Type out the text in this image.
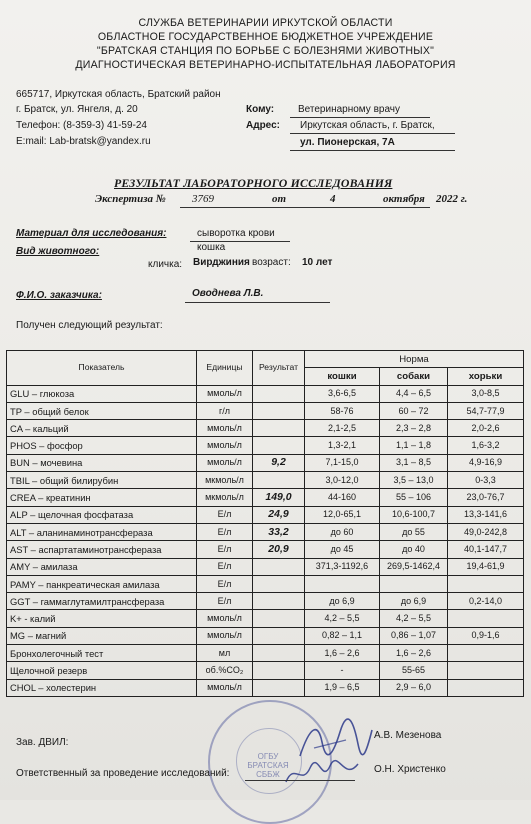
СЛУЖБА ВЕТЕРИНАРИИ ИРКУТСКОЙ ОБЛАСТИ
ОБЛАСТНОЕ ГОСУДАРСТВЕННОЕ БЮДЖЕТНОЕ УЧРЕЖДЕНИЕ
"БРАТСКАЯ СТАНЦИЯ ПО БОРЬБЕ С БОЛЕЗНЯМИ ЖИВОТНЫХ"
ДИАГНОСТИЧЕСКАЯ ВЕТЕРИНАРНО-ИСПЫТАТЕЛЬНАЯ ЛАБОРАТОРИЯ
665717, Иркутская область, Братский район
г. Братск, ул. Янгеля, д. 20
Телефон: (8-359-3) 41-59-24
E:mail: Lab-bratsk@yandex.ru
Кому: Ветеринарному врачу
Адрес: Иркутская область, г. Братск,
ул. Пионерская, 7А
РЕЗУЛЬТАТ ЛАБОРАТОРНОГО ИССЛЕДОВАНИЯ
Экспертиза № 3769	от	4	октября 2022 г.
Материал для исследования:	сыворотка крови
Вид животного:	кошка
кличка: Вирджиния возраст: 10 лет
Ф.И.О. заказчика:	Оводнева Л.В.
Получен следующий результат:
Показатель	Единицы	Результат	Норма		
			кошки	собаки	хорьки
GLU – глюкоза	ммоль/л		3,6-6,5	4,4 – 6,5	3,0-8,5
TP – общий белок	г/л		58-76	60 – 72	54,7-77,9
CA – кальций	ммоль/л		2,1-2,5	2,3 – 2,8	2,0-2,6
PHOS – фосфор	ммоль/л		1,3-2,1	1,1 – 1,8	1,6-3,2
BUN – мочевина	ммоль/л	9,2	7,1-15,0	3,1 – 8,5	4,9-16,9
TBIL – общий билирубин	мкмоль/л		3,0-12,0	3,5 – 13,0	0-3,3
CREA – креатинин	мкмоль/л	149,0	44-160	55 – 106	23,0-76,7
ALP – щелочная фосфатаза	Е/л	24,9	12,0-65,1	10,6-100,7	13,3-141,6
ALT – аланинаминотрансфераза	Е/л	33,2	до 60	до 55	49,0-242,8
AST – аспартатаминотрансфераза	Е/л	20,9	до 45	до 40	40,1-147,7
AMY – амилаза	Е/л		371,3-1192,6	269,5-1462,4	19,4-61,9
PAMY – панкреатическая амилаза	Е/л				
GGT – гаммаглутамилтрансфераза	Е/л		до 6,9	до 6,9	0,2-14,0
K+ - калий	ммоль/л		4,2 – 5,5	4,2 – 5,5	
MG – магний	ммоль/л		0,82 – 1,1	0,86 – 1,07	0,9-1,6
Бронхолегочный тест	мл		1,6 – 2,6	1,6 – 2,6	
Щелочной резерв	об.%CO₂		-	55-65	
CHOL – холестерин	ммоль/л		1,9 – 6,5	2,9 – 6,0	
ОГБУ БРАТСКАЯ СББЖ
Зав. ДВИЛ:
А.В. Мезенова
Ответственный за проведение исследований:	О.Н. Христенко
